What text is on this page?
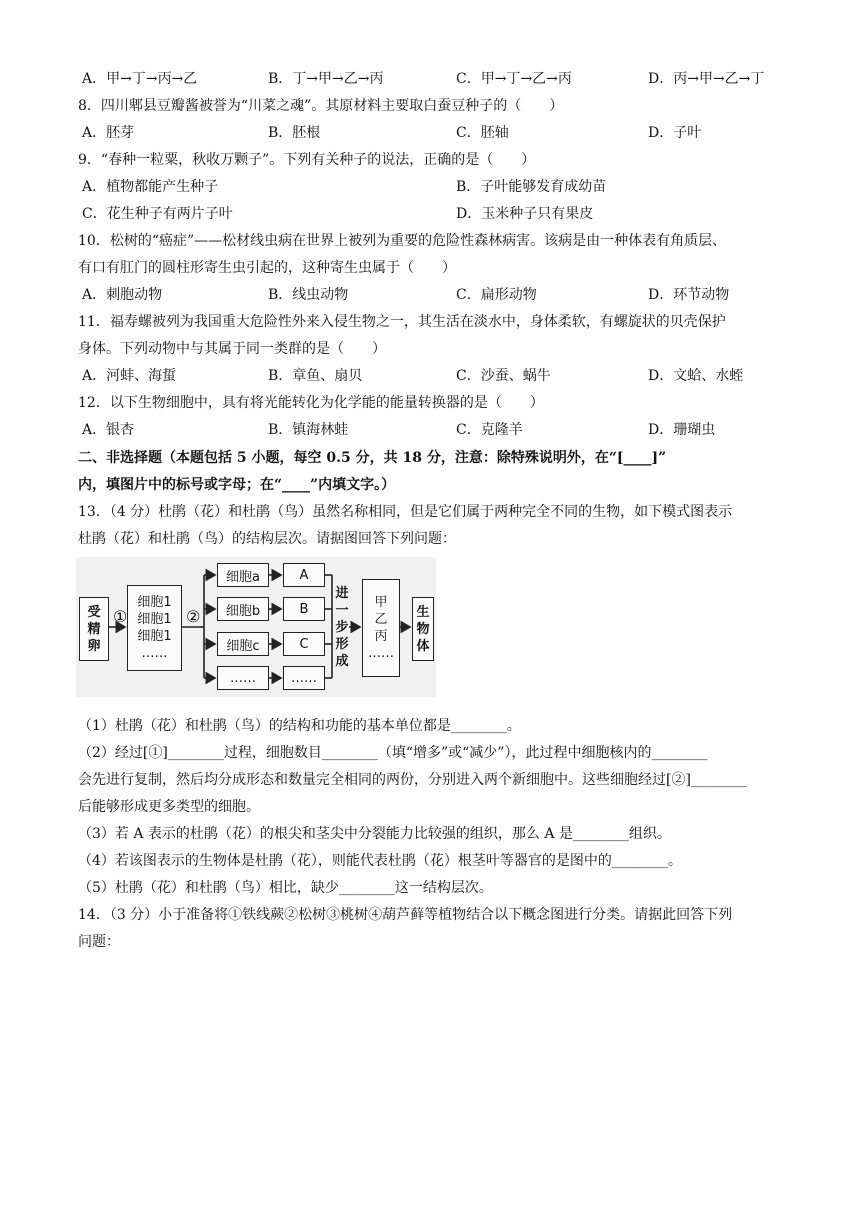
A．甲→丁→丙→乙	B．丁→甲→乙→丙	C．甲→丁→乙→丙	D．丙→甲→乙→丁
8．四川郫县豆瓣酱被誉为“川菜之魂”。其原材料主要取白蚕豆种子的（　　）
A．胚芽	B．胚根	C．胚轴	D．子叶
9．“春种一粒粟，秋收万颗子”。下列有关种子的说法，正确的是（　　）
A．植物都能产生种子	B．子叶能够发育成幼苗
C．花生种子有两片子叶	D．玉米种子只有果皮
10．松树的“癌症”——松材线虫病在世界上被列为重要的危险性森林病害。该病是由一种体表有角质层、
有口有肛门的圆柱形寄生虫引起的，这种寄生虫属于（　　）
A．刺胞动物	B．线虫动物	C．扁形动物	D．环节动物
11．福寿螺被列为我国重大危险性外来入侵生物之一，其生活在淡水中，身体柔软，有螺旋状的贝壳保护
身体。下列动物中与其属于同一类群的是（　　）
A．河蚌、海蜇	B．章鱼、扇贝	C．沙蚕、蜗牛	D．文蛤、水蛭
12．以下生物细胞中，具有将光能转化为化学能的能量转换器的是（　　）
A．银杏	B．镇海林蛙	C．克隆羊	D．珊瑚虫
二、非选择题（本题包括 5 小题，每空 0.5 分，共 18 分，注意：除特殊说明外，在“[____]”
内，填图片中的标号或字母；在“____”内填文字。）
13．（4 分）杜鹃（花）和杜鹃（鸟）虽然名称相同，但是它们属于两种完全不同的生物，如下模式图表示
杜鹃（花）和杜鹃（鸟）的结构层次。请据图回答下列问题：
受
精
卵
①
细胞1
细胞1
细胞1
……
②
细胞a
细胞b
细胞c
……
A
B
C
……
进
一
步
形
成
甲
乙
丙
……
生
物
体
（1）杜鹃（花）和杜鹃（鸟）的结构和功能的基本单位都是________。
（2）经过[①]________过程，细胞数目________（填“增多”或“减少”），此过程中细胞核内的________
会先进行复制，然后均分成形态和数量完全相同的两份，分别进入两个新细胞中。这些细胞经过[②]________
后能够形成更多类型的细胞。
（3）若 A 表示的杜鹃（花）的根尖和茎尖中分裂能力比较强的组织，那么 A 是________组织。
（4）若该图表示的生物体是杜鹃（花），则能代表杜鹃（花）根茎叶等器官的是图中的________。
（5）杜鹃（花）和杜鹃（鸟）相比，缺少________这一结构层次。
14．（3 分）小于准备将①铁线蕨②松树③桃树④葫芦藓等植物结合以下概念图进行分类。请据此回答下列
问题：
